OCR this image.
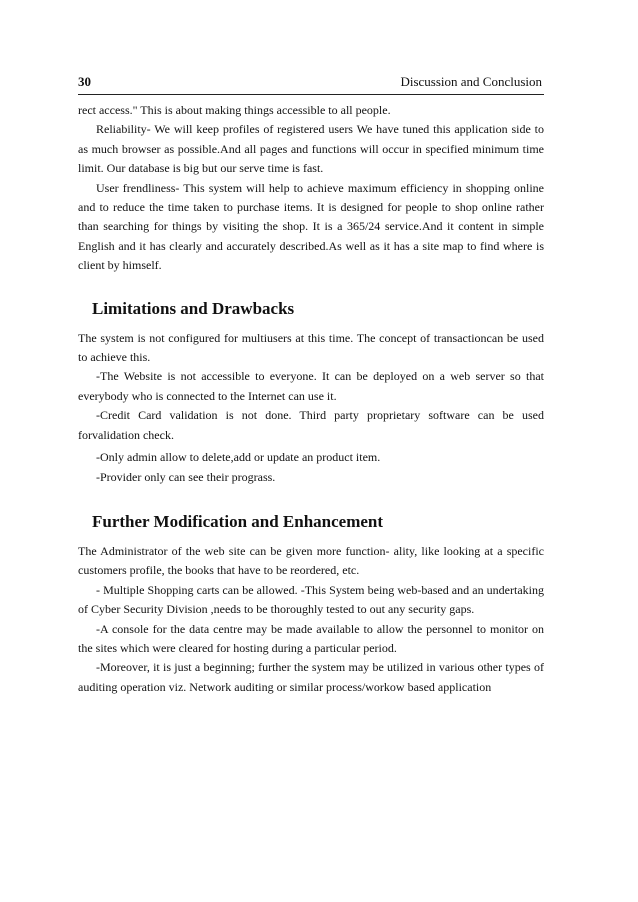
30	Discussion and Conclusion

rect access." This is about making things accessible to all people.

Reliability- We will keep profiles of registered users We have tuned this application side to as much browser as possible.And all pages and functions will occur in specified minimum time limit. Our database is big but our serve time is fast.

User frendliness- This system will help to achieve maximum efficiency in shopping online and to reduce the time taken to purchase items. It is designed for people to shop online rather than searching for things by visiting the shop. It is a 365/24 service.And it content in simple English and it has clearly and accurately described.As well as it has a site map to find where is client by himself.

Limitations and Drawbacks

The system is not configured for multiusers at this time. The concept of transactioncan be used to achieve this.

-The Website is not accessible to everyone. It can be deployed on a web server so that everybody who is connected to the Internet can use it.

-Credit Card validation is not done. Third party proprietary software can be used forvalidation check.

-Only admin allow to delete,add or update an product item.

-Provider only can see their prograss.

Further Modification and Enhancement

The Administrator of the web site can be given more function- ality, like looking at a specific customers profile, the books that have to be reordered, etc.

- Multiple Shopping carts can be allowed. -This System being web-based and an undertaking of Cyber Security Division ,needs to be thoroughly tested to out any security gaps.

-A console for the data centre may be made available to allow the personnel to monitor on the sites which were cleared for hosting during a particular period.

-Moreover, it is just a beginning; further the system may be utilized in various other types of auditing operation viz. Network auditing or similar process/workow based application
